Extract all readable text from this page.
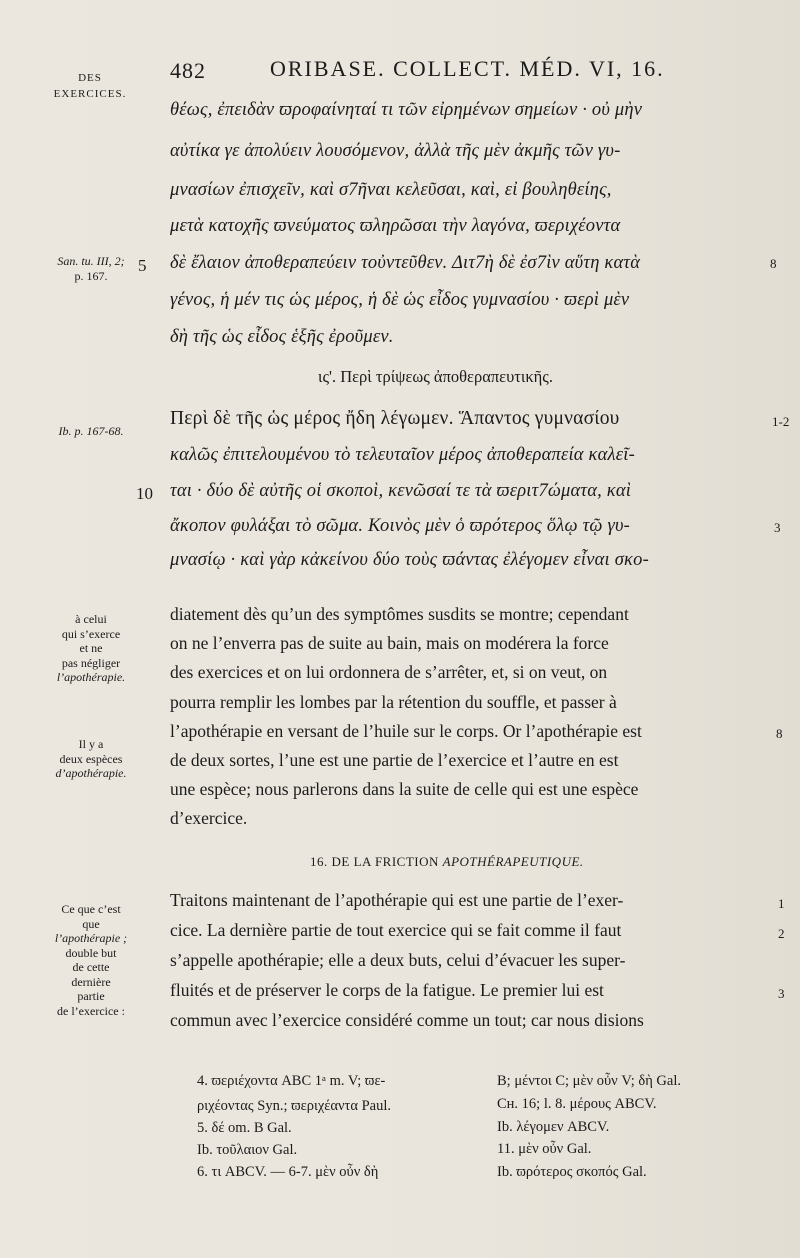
DES
EXERCICES.
482	ORIBASE. COLLECT. MÉD. VI, 16.
θέως, ἐπειδὰν ϖροφαίνηταί τι τῶν εἰρημένων σημείων · οὐ μὴν
αὐτίκα γε ἀπολύειν λουσόμενον, ἀλλὰ τῆς μὲν ἀκμῆς τῶν γυ-
μνασίων ἐπισχεῖν, καὶ σ7ῆναι κελεῦσαι, καὶ, εἰ βουληθείης,
μετὰ κατοχῆς ϖνεύματος ϖληρῶσαι τὴν λαγόνα, ϖεριχέοντα
δὲ ἔλαιον ἀποθεραπεύειν τοὐντεῦθεν. Διτ7ὴ δὲ ἐσ7ὶν αὕτη κατὰ
γένος, ἡ μέν τις ὡς μέρος, ἡ δὲ ὡς εἶδος γυμνασίου · ϖερὶ μὲν
δὴ τῆς ὡς εἶδος ἑξῆς ἐροῦμεν.
5	8
San. tu. III, 2;
p. 167.
ις'. Περὶ τρίψεως ἀποθεραπευτικῆς.
Ib. p. 167-68.
Περὶ δὲ τῆς ὡς μέρος ἤδη λέγωμεν. Ἅπαντος γυμνασίου
καλῶς ἐπιτελουμένου τὸ τελευταῖον μέρος ἀποθεραπεία καλεῖ-
ται · δύο δὲ αὐτῆς οἱ σκοποὶ, κενῶσαί τε τὰ ϖεριτ7ώματα, καὶ
ἄκοπον φυλάξαι τὸ σῶμα. Κοινὸς μὲν ὁ ϖρότερος ὅλῳ τῷ γυ-
μνασίῳ · καὶ γὰρ κἀκείνου δύο τοὺς ϖάντας ἐλέγομεν εἶναι σκο-
1-2
10
3
diatement dès qu’un des symptômes susdits se montre; cependant
on ne l’enverra pas de suite au bain, mais on modérera la force
des exercices et on lui ordonnera de s’arrêter, et, si on veut, on
pourra remplir les lombes par la rétention du souffle, et passer à
l’apothérapie en versant de l’huile sur le corps. Or l’apothérapie est
de deux sortes, l’une est une partie de l’exercice et l’autre en est
une espèce; nous parlerons dans la suite de celle qui est une espèce
d’exercice.
8
à celui
qui s’exerce
et ne
pas négliger
l’apothérapie.
Il y a
deux espèces
d’apothérapie.
16. DE LA FRICTION APOTHÉRAPEUTIQUE.
Traitons maintenant de l’apothérapie qui est une partie de l’exer-
cice. La dernière partie de tout exercice qui se fait comme il faut
s’appelle apothérapie; elle a deux buts, celui d’évacuer les super-
fluités et de préserver le corps de la fatigue. Le premier lui est
commun avec l’exercice considéré comme un tout; car nous disions
1
2
3
Ce que c’est
que
l’apothérapie ;
double but
de cette
dernière
partie
de l’exercice :
4. ϖεριέχοντα ABC 1ᵃ m. V; ϖε-
ριχέοντας Syn.; ϖεριχέαντα Paul.
5. δέ om. B Gal.
Ib. τοῦλαιον Gal.
6. τι ABCV. — 6-7. μὲν οὖν δὴ
B; μέντοι C; μὲν οὖν V; δὴ Gal.
Cʜ. 16; l. 8. μέρους ABCV.
Ib. λέγομεν ABCV.
11. μὲν οὖν Gal.
Ib. ϖρότερος σκοπός Gal.
